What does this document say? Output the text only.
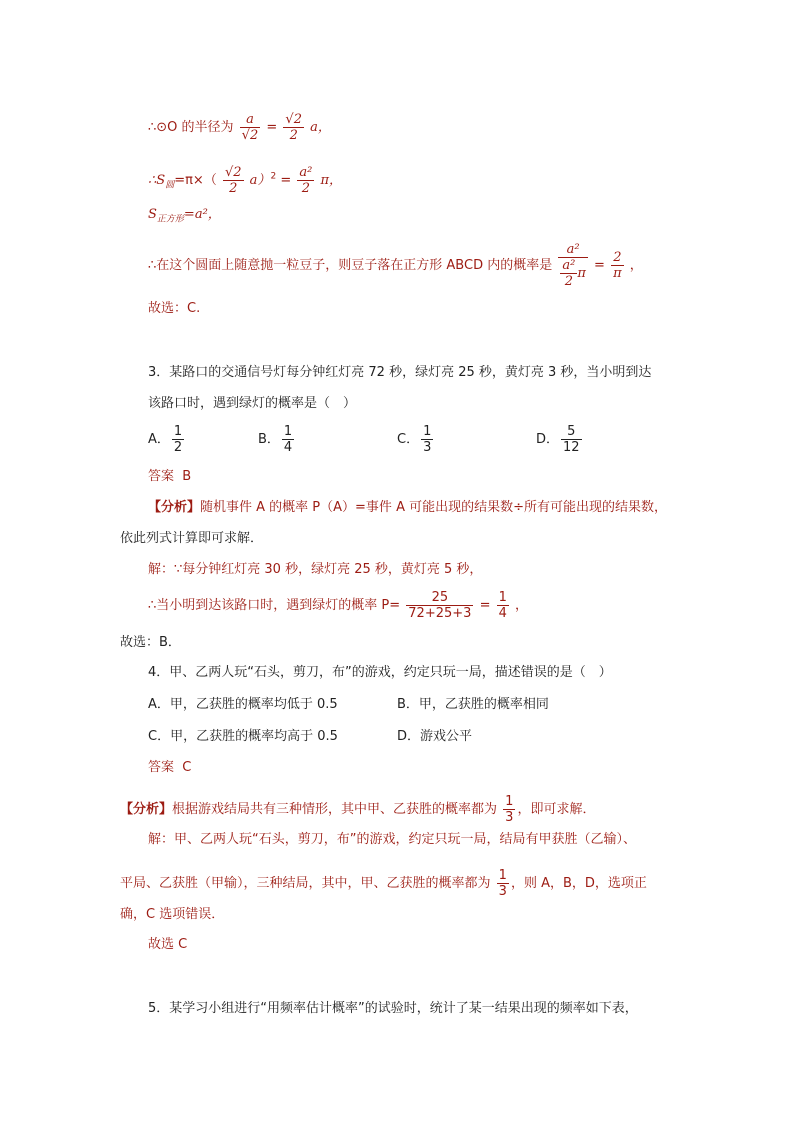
∴⊙O 的半径为 $\frac{a}{√2} = \frac{√2}{2}$ a，
$\therefore S_圆=\pi\times( \frac{√2}{2} a)^2 = \frac{\text{a²}}{2}$ π，
$S_{正方形}=a^2$，
∴在这个圆面上随意抛一粒豆子，则豆子落在正方形 ABCD 内的概率是 $\frac{\text{a²}}{\frac{\text{a²}}{2} \pi} = \frac{2}{\pi}$ ，
故选：C.
3．某路口的交通信号灯每分钟红灯亮 72 秒，绿灯亮 25 秒，黄灯亮 3 秒，当小明到达
该路口时，遇到绿灯的概率是（　）
A． $\frac{1}{2}$	B． $\frac{1}{4}$	C． $\frac{1}{3}$	D． $\frac{5}{12}$
答案 B
【分析】随机事件 A 的概率 P（A）=事件 A 可能出现的结果数÷所有可能出现的结果数，
依此列式计算即可求解．
解：∵每分钟红灯亮 30 秒，绿灯亮 25 秒，黄灯亮 5 秒，
∴当小明到达该路口时，遇到绿灯的概率 $P= \frac{25}{72+25+3} = \frac{1}{4}$ ，
故选：B．
4．甲、乙两人玩“石头，剪刀，布”的游戏，约定只玩一局，描述错误的是（　）
A．甲，乙获胜的概率均低于 0.5	B．甲，乙获胜的概率相同
C．甲，乙获胜的概率均高于 0.5	D．游戏公平
答案 C
【分析】根据游戏结局共有三种情形，其中甲、乙获胜的概率都为 $\frac{1}{3}$ ，即可求解．
解：甲、乙两人玩“石头，剪刀，布”的游戏，约定只玩一局，结局有甲获胜（乙输）、
平局、乙获胜（甲输），三种结局，其中，甲、乙获胜的概率都为 $\frac{1}{3}$ ，则 A，B，D，选项正
确，C 选项错误．
故选 C
5．某学习小组进行“用频率估计概率”的试验时，统计了某一结果出现的频率如下表，
